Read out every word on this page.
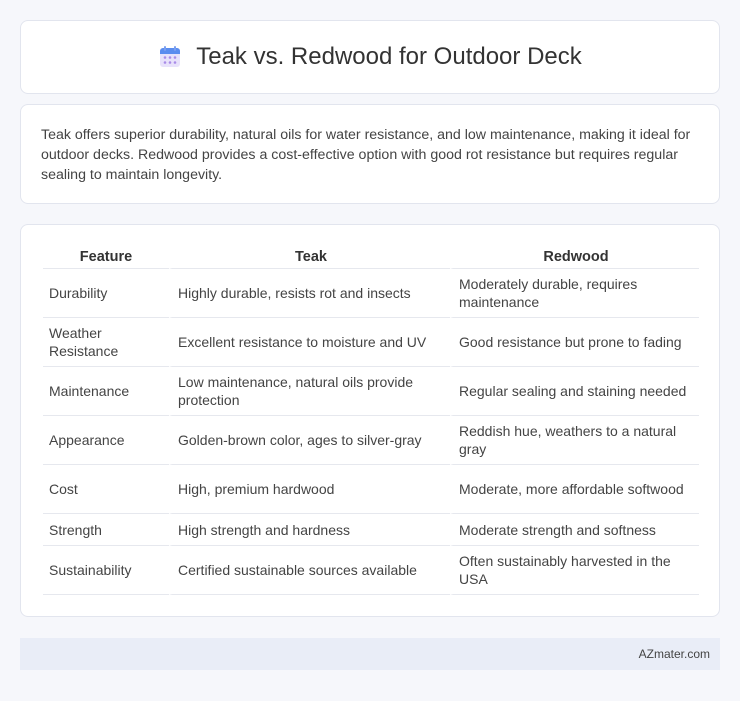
Teak vs. Redwood for Outdoor Deck

Teak offers superior durability, natural oils for water resistance, and low maintenance, making it ideal for outdoor decks. Redwood provides a cost-effective option with good rot resistance but requires regular sealing to maintain longevity.

Feature	Teak	Redwood
Durability	Highly durable, resists rot and insects	Moderately durable, requires maintenance
Weather Resistance	Excellent resistance to moisture and UV	Good resistance but prone to fading
Maintenance	Low maintenance, natural oils provide protection	Regular sealing and staining needed
Appearance	Golden-brown color, ages to silver-gray	Reddish hue, weathers to a natural gray
Cost	High, premium hardwood	Moderate, more affordable softwood
Strength	High strength and hardness	Moderate strength and softness
Sustainability	Certified sustainable sources available	Often sustainably harvested in the USA
AZmater.com
